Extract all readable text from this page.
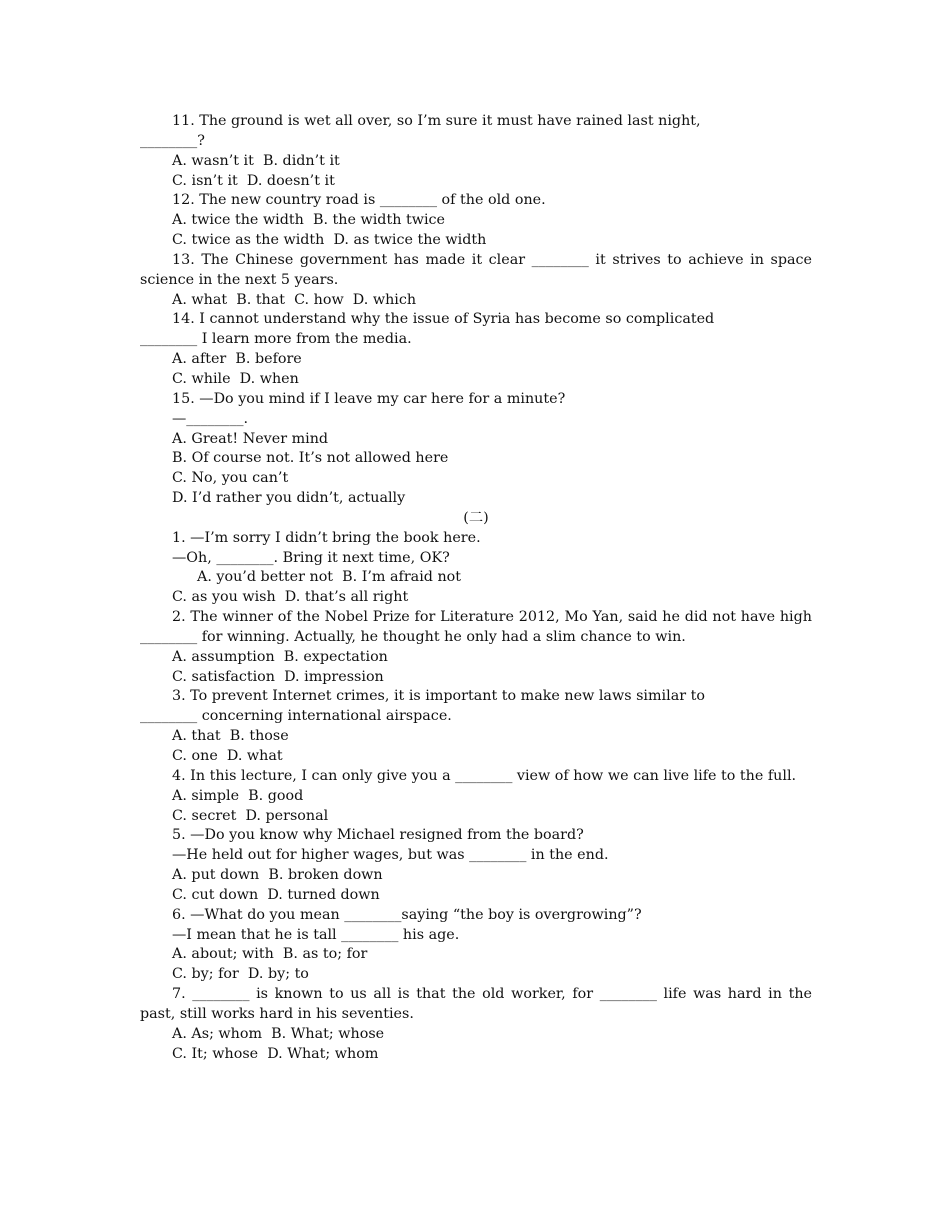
11. The ground is wet all over, so I’m sure it must have rained last night,
________?
A. wasn’t it  B. didn’t it
C. isn’t it  D. doesn’t it
12. The new country road is ________ of the old one.
A. twice the width  B. the width twice
C. twice as the width  D. as twice the width
13. The Chinese government has made it clear ________ it strives to achieve in space science in the next 5 years.
A. what  B. that  C. how  D. which
14. I cannot understand why the issue of Syria has become so complicated
________ I learn more from the media.
A. after  B. before
C. while  D. when
15. —Do you mind if I leave my car here for a minute?
—________.
A. Great! Never mind
B. Of course not. It’s not allowed here
C. No, you can’t
D. I’d rather you didn’t, actually
(二)
1. —I’m sorry I didn’t bring the book here.
—Oh, ________. Bring it next time, OK?
A. you’d better not  B. I’m afraid not
C. as you wish  D. that’s all right
2. The winner of the Nobel Prize for Literature 2012, Mo Yan, said he did not have high ________ for winning. Actually, he thought he only had a slim chance to win.
A. assumption  B. expectation
C. satisfaction  D. impression
3. To prevent Internet crimes, it is important to make new laws similar to
________ concerning international airspace.
A. that  B. those
C. one  D. what
4. In this lecture, I can only give you a ________ view of how we can live life to the full.
A. simple  B. good
C. secret  D. personal
5. —Do you know why Michael resigned from the board?
—He held out for higher wages, but was ________ in the end.
A. put down  B. broken down
C. cut down  D. turned down
6. —What do you mean ________saying “the boy is overgrowing”?
—I mean that he is tall ________ his age.
A. about; with  B. as to; for
C. by; for  D. by; to
7. ________ is known to us all is that the old worker, for ________ life was hard in the past, still works hard in his seventies.
A. As; whom  B. What; whose
C. It; whose  D. What; whom
